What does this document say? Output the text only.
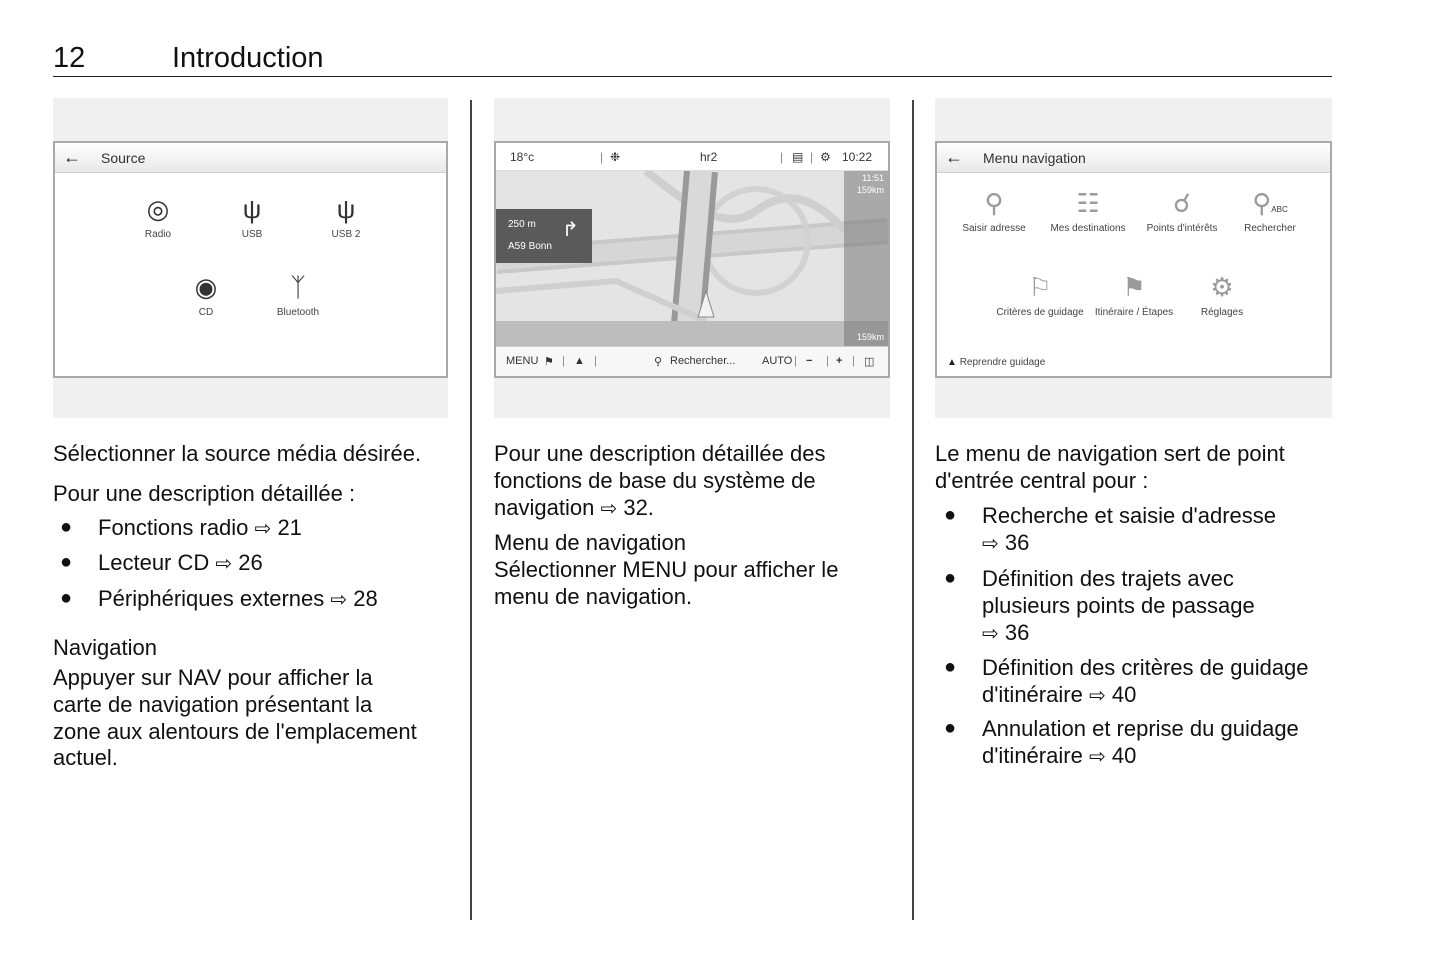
12	Introduction
← Source
◎
Radio
ψ
USB
ψ
USB 2
◉
CD
ᛉ
Bluetooth
18°c	| ❉	hr2	| ▤ | ⚙ 10:22
250 m
A59 Bonn
↱
11:51
159km
159km
MENU ⚑ | ▲ |	⚲ Rechercher... AUTO | − | + | ◫
← Menu navigation
⚲
Saisir adresse
☷
Mes destinations
☌
Points d'intérêts
⚲ABC
Rechercher
⚐
Critères de guidage
⚑
Itinéraire / Étapes
⚙
Réglages
▲ Reprendre guidage
Sélectionner la source média désirée.
Pour une description détaillée :
● Fonctions radio ⇨ 21
● Lecteur CD ⇨ 26
● Périphériques externes ⇨ 28
Navigation
Appuyer sur NAV pour afficher la
carte de navigation présentant la
zone aux alentours de l'emplacement
actuel.
Pour une description détaillée des
fonctions de base du système de
navigation ⇨ 32.
Menu de navigation
Sélectionner MENU pour afficher le
menu de navigation.
Le menu de navigation sert de point
d'entrée central pour :
● Recherche et saisie d'adresse
⇨ 36
● Définition des trajets avec
plusieurs points de passage
⇨ 36
● Définition des critères de guidage
d'itinéraire ⇨ 40
● Annulation et reprise du guidage
d'itinéraire ⇨ 40
